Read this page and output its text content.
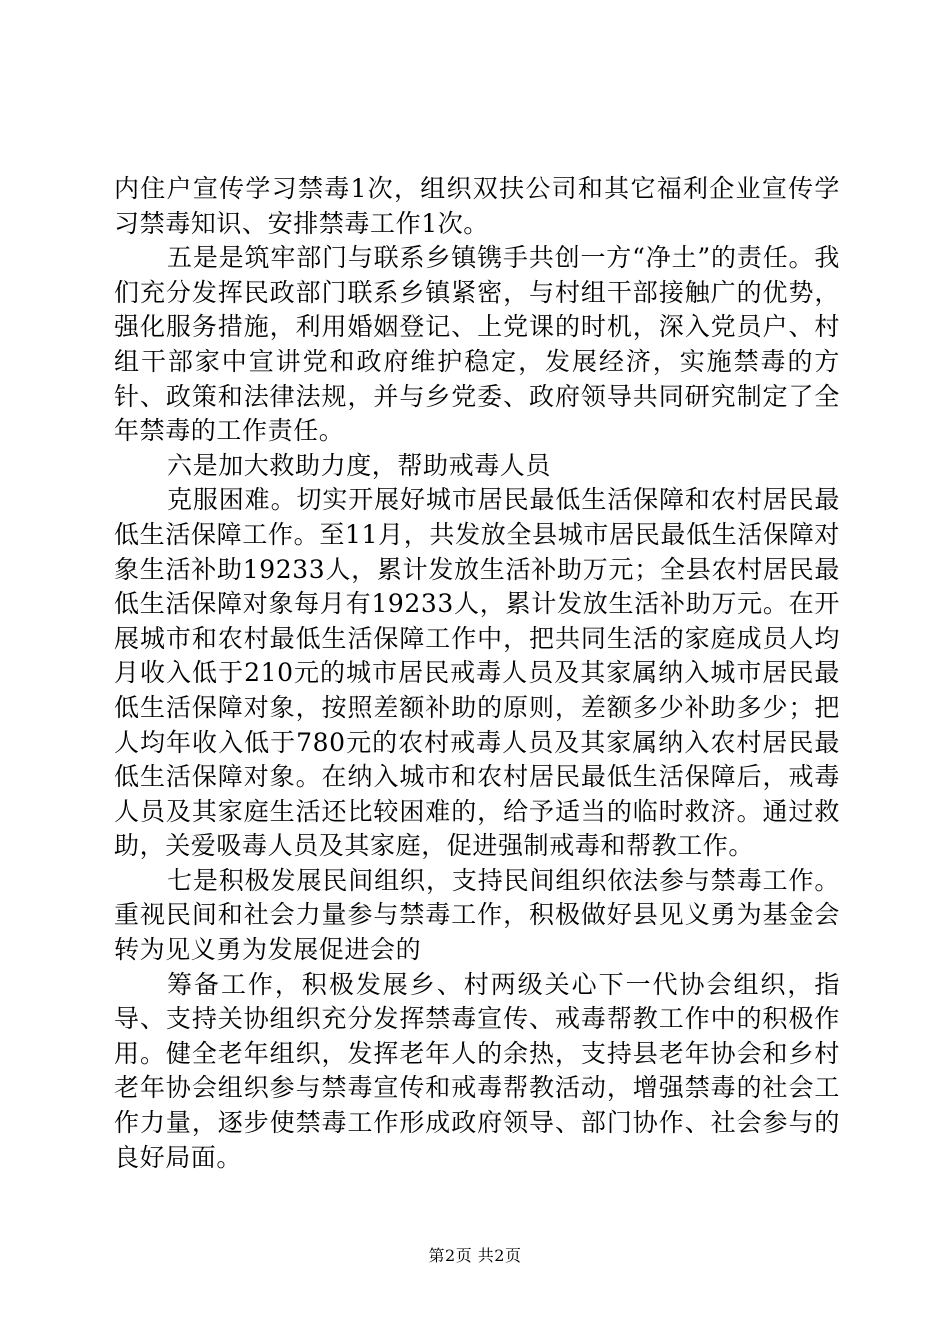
内住户宣传学习禁毒1次，组织双扶公司和其它福利企业宣传学习禁毒知识、安排禁毒工作1次。

五是是筑牢部门与联系乡镇镌手共创一方“净土”的责任。我们充分发挥民政部门联系乡镇紧密，与村组干部接触广的优势，强化服务措施，利用婚姻登记、上党课的时机，深入党员户、村组干部家中宣讲党和政府维护稳定，发展经济，实施禁毒的方针、政策和法律法规，并与乡党委、政府领导共同研究制定了全年禁毒的工作责任。

六是加大救助力度，帮助戒毒人员

克服困难。切实开展好城市居民最低生活保障和农村居民最低生活保障工作。至11月，共发放全县城市居民最低生活保障对象生活补助19233人，累计发放生活补助万元；全县农村居民最低生活保障对象每月有19233人，累计发放生活补助万元。在开展城市和农村最低生活保障工作中，把共同生活的家庭成员人均月收入低于210元的城市居民戒毒人员及其家属纳入城市居民最低生活保障对象，按照差额补助的原则，差额多少补助多少；把人均年收入低于780元的农村戒毒人员及其家属纳入农村居民最低生活保障对象。在纳入城市和农村居民最低生活保障后，戒毒人员及其家庭生活还比较困难的，给予适当的临时救济。通过救助，关爱吸毒人员及其家庭，促进强制戒毒和帮教工作。

七是积极发展民间组织，支持民间组织依法参与禁毒工作。重视民间和社会力量参与禁毒工作，积极做好县见义勇为基金会转为见义勇为发展促进会的

筹备工作，积极发展乡、村两级关心下一代协会组织，指导、支持关协组织充分发挥禁毒宣传、戒毒帮教工作中的积极作用。健全老年组织，发挥老年人的余热，支持县老年协会和乡村老年协会组织参与禁毒宣传和戒毒帮教活动，增强禁毒的社会工作力量，逐步使禁毒工作形成政府领导、部门协作、社会参与的良好局面。

第2页 共2页
